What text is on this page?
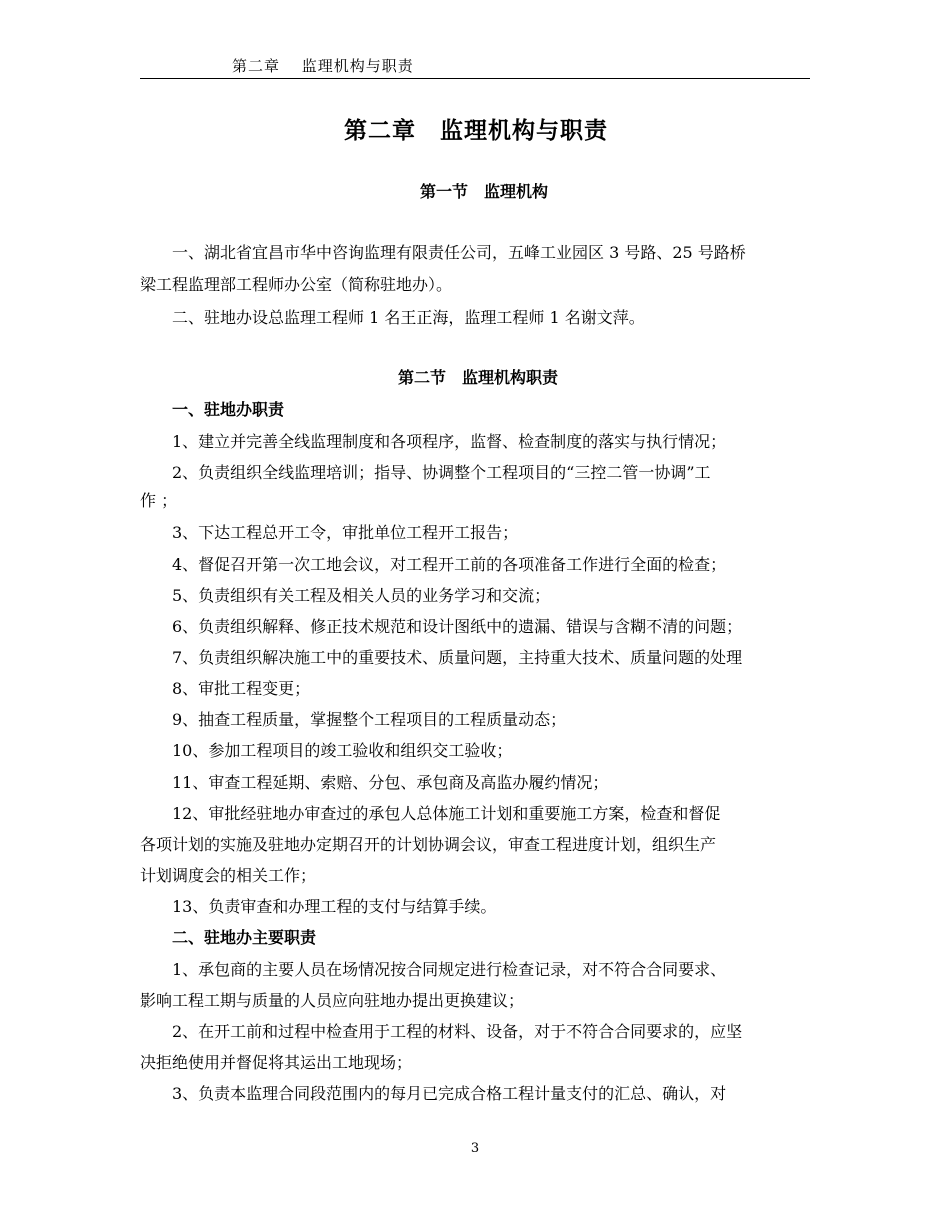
第二章　 监理机构与职责
第二章　监理机构与职责
第一节　监理机构
一、湖北省宜昌市华中咨询监理有限责任公司，五峰工业园区 3 号路、25 号路桥
梁工程监理部工程师办公室（简称驻地办）。
二、驻地办设总监理工程师 1 名王正海，监理工程师 1 名谢文萍。
第二节　监理机构职责
一、驻地办职责
1、建立并完善全线监理制度和各项程序，监督、检查制度的落实与执行情况；
2、负责组织全线监理培训；指导、协调整个工程项目的“三控二管一协调”工
作 ；
3、下达工程总开工令，审批单位工程开工报告；
4、督促召开第一次工地会议，对工程开工前的各项准备工作进行全面的检查；
5、负责组织有关工程及相关人员的业务学习和交流；
6、负责组织解释、修正技术规范和设计图纸中的遗漏、错误与含糊不清的问题；
7、负责组织解决施工中的重要技术、质量问题，主持重大技术、质量问题的处理
8、审批工程变更；
9、抽查工程质量，掌握整个工程项目的工程质量动态；
10、参加工程项目的竣工验收和组织交工验收；
11、审查工程延期、索赔、分包、承包商及高监办履约情况；
12、审批经驻地办审查过的承包人总体施工计划和重要施工方案，检查和督促
各项计划的实施及驻地办定期召开的计划协调会议，审查工程进度计划，组织生产
计划调度会的相关工作；
13、负责审查和办理工程的支付与结算手续。
二、驻地办主要职责
1、承包商的主要人员在场情况按合同规定进行检查记录，对不符合合同要求、
影响工程工期与质量的人员应向驻地办提出更换建议；
2、在开工前和过程中检查用于工程的材料、设备，对于不符合合同要求的，应坚
决拒绝使用并督促将其运出工地现场；
3、负责本监理合同段范围内的每月已完成合格工程计量支付的汇总、确认，对
3
